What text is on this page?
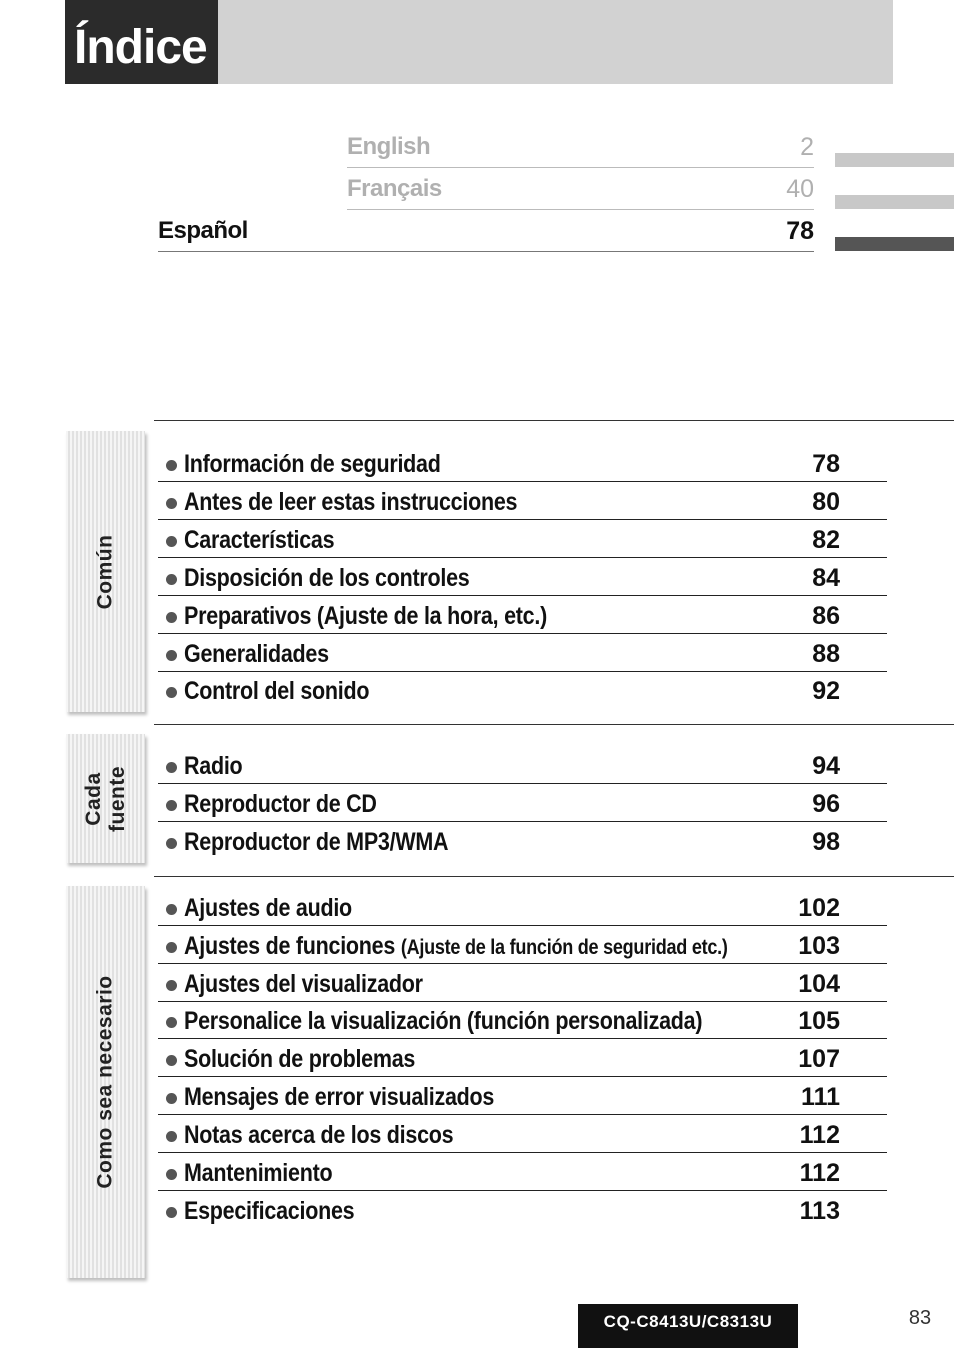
Índice
English	2
Français	40
Español	78
Común
Información de seguridad	78
Antes de leer estas instrucciones	80
Características	82
Disposición de los controles	84
Preparativos (Ajuste de la hora, etc.)	86
Generalidades	88
Control del sonido	92
Cada
fuente Radio	94
Reproductor de CD	96
Reproductor de MP3/WMA	98
Como sea necesario
Ajustes de audio	102
Ajustes de funciones (Ajuste de la función de seguridad etc.)	103
Ajustes del visualizador	104
Personalice la visualización (función personalizada)	105
Solución de problemas	107
Mensajes de error visualizados	111
Notas acerca de los discos	112
Mantenimiento	112
Especificaciones	113
CQ-C8413U/C8313U	83
